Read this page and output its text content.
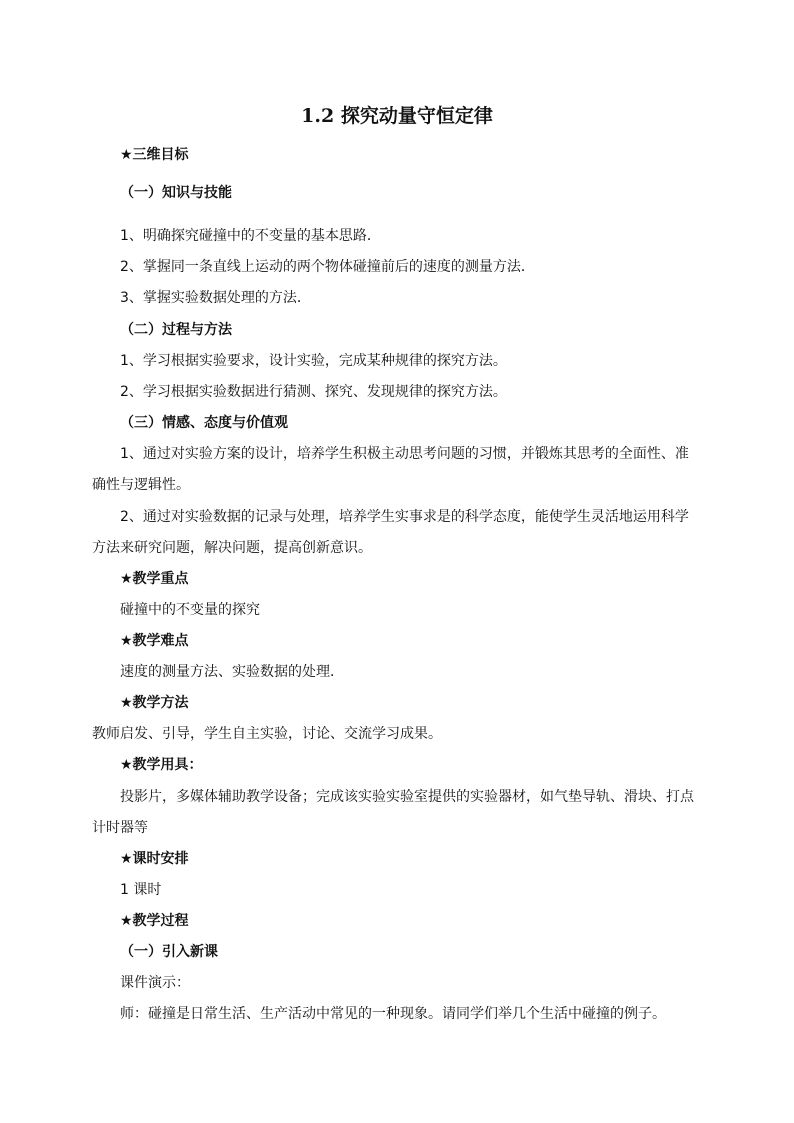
1.2 探究动量守恒定律
★三维目标
（一）知识与技能
1、明确探究碰撞中的不变量的基本思路．
2、掌握同一条直线上运动的两个物体碰撞前后的速度的测量方法．
3、掌握实验数据处理的方法．
（二）过程与方法
1、学习根据实验要求，设计实验，完成某种规律的探究方法。
2、学习根据实验数据进行猜测、探究、发现规律的探究方法。
（三）情感、态度与价值观
1、通过对实验方案的设计，培养学生积极主动思考问题的习惯，并锻炼其思考的全面性、准
确性与逻辑性。
2、通过对实验数据的记录与处理，培养学生实事求是的科学态度，能使学生灵活地运用科学
方法来研究问题，解决问题，提高创新意识。
★教学重点
碰撞中的不变量的探究
★教学难点
速度的测量方法、实验数据的处理．
★教学方法
教师启发、引导，学生自主实验，讨论、交流学习成果。
★教学用具：
投影片，多媒体辅助教学设备；完成该实验实验室提供的实验器材，如气垫导轨、滑块、打点
计时器等
★课时安排
1 课时
★教学过程
（一）引入新课
课件演示：
师：碰撞是日常生活、生产活动中常见的一种现象。请同学们举几个生活中碰撞的例子。
